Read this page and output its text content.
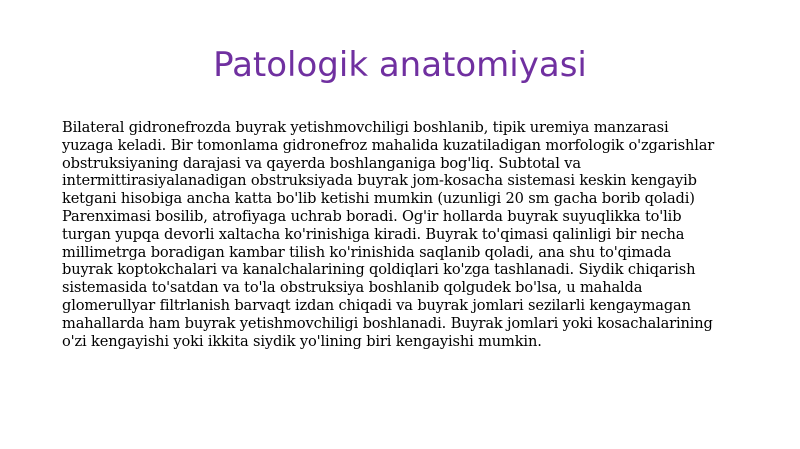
Patologik anatomiyasi
Bilateral gidronefrozda buyrak yetishmovchiligi boshlanib, tipik uremiya manzarasi
yuzaga keladi. Bir tomonlama gidronefroz mahalida kuzatiladigan morfologik o'zgarishlar
obstruksiyaning darajasi va qayerda boshlanganiga bog'liq. Subtotal va
intermittirasiyalanadigan obstruksiyada buyrak jom-kosacha sistemasi keskin kengayib
ketgani hisobiga ancha katta bo'lib ketishi mumkin (uzunligi 20 sm gacha borib qoladi)
Parenximasi bosilib, atrofiyaga uchrab boradi. Og'ir hollarda buyrak suyuqlikka to'lib
turgan yupqa devorli xaltacha ko'rinishiga kiradi. Buyrak to'qimasi qalinligi bir necha
millimetrga boradigan kambar tilish ko'rinishida saqlanib qoladi, ana shu to'qimada
buyrak koptokchalari va kanalchalarining qoldiqlari ko'zga tashlanadi. Siydik chiqarish
sistemasida to'satdan va to'la obstruksiya boshlanib qolgudek bo'lsa, u mahalda
glomerullyar filtrlanish barvaqt izdan chiqadi va buyrak jomlari sezilarli kengaymagan
mahallarda ham buyrak yetishmovchiligi boshlanadi. Buyrak jomlari yoki kosachalarining
o'zi kengayishi yoki ikkita siydik yo'lining biri kengayishi mumkin.
